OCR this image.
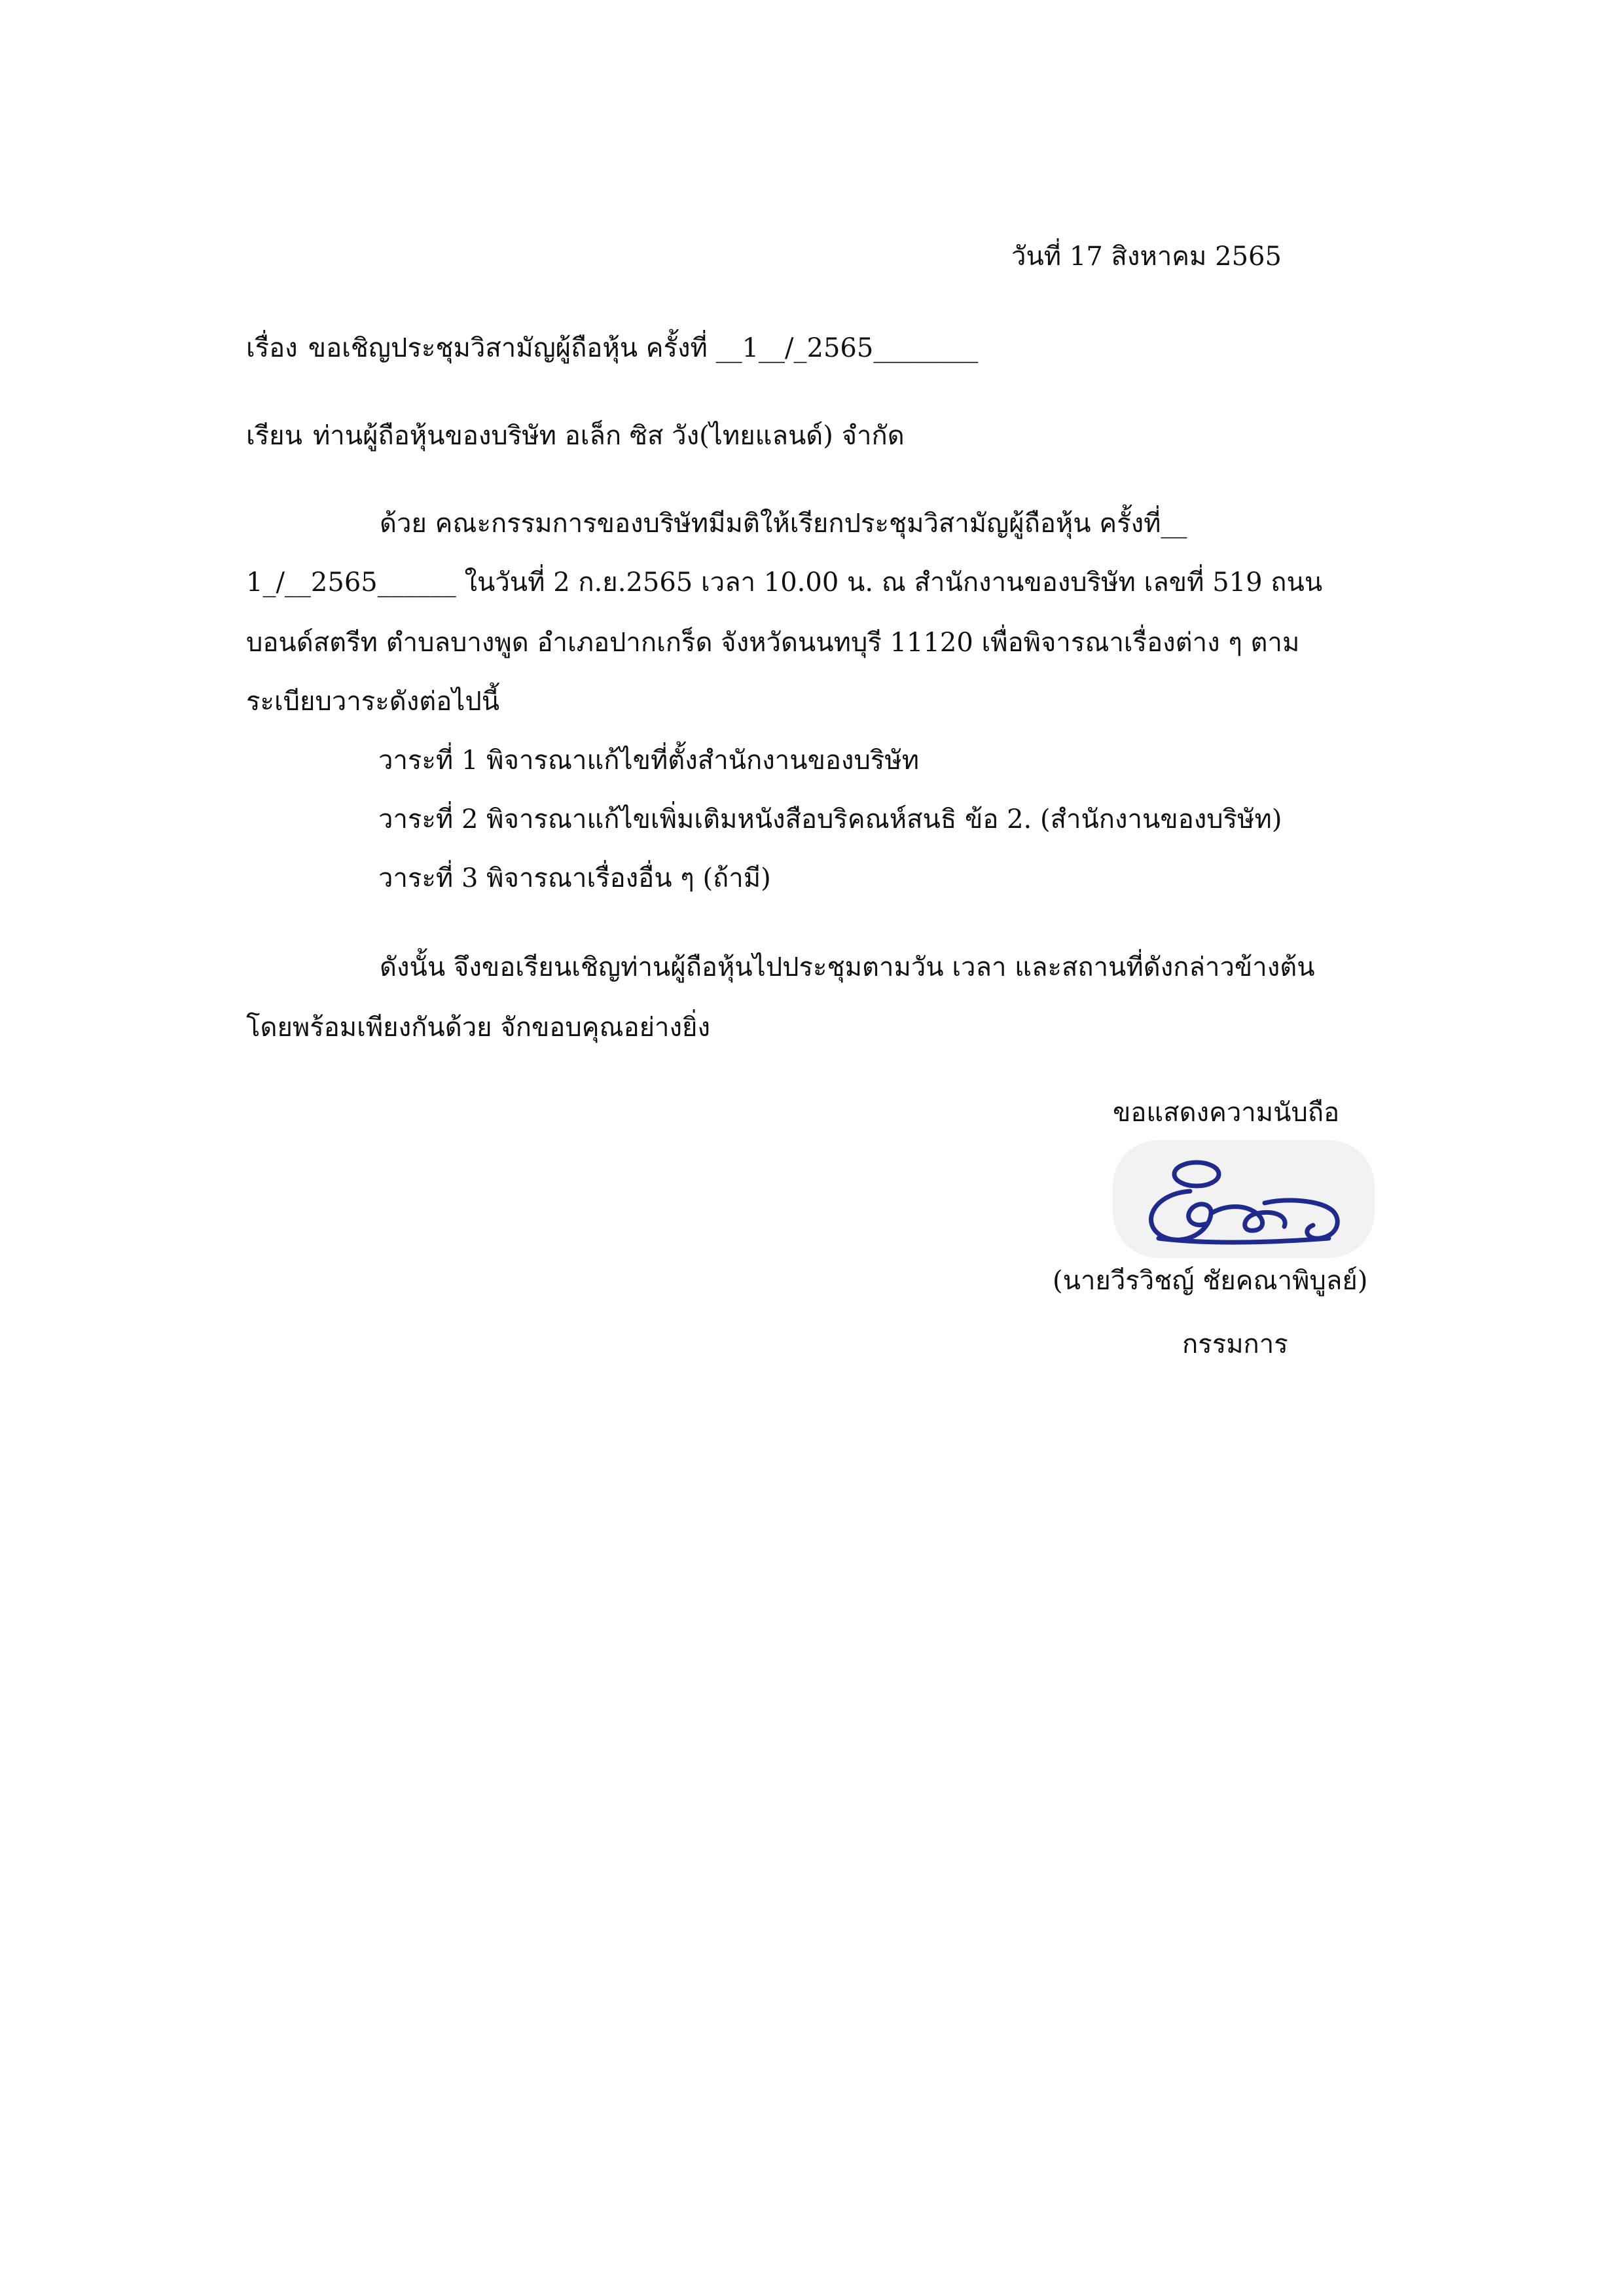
วันที่ 17 สิงหาคม 2565
เรื่อง ขอเชิญประชุมวิสามัญผู้ถือหุ้น ครั้งที่ __1__/_2565________
เรียน ท่านผู้ถือหุ้นของบริษัท อเล็ก ซิส วัง(ไทยแลนด์) จำกัด
ด้วย คณะกรรมการของบริษัทมีมติให้เรียกประชุมวิสามัญผู้ถือหุ้น ครั้งที่__
1_/__2565______ ในวันที่ 2 ก.ย.2565 เวลา 10.00 น. ณ สำนักงานของบริษัท เลขที่ 519 ถนน
บอนด์สตรีท ตำบลบางพูด อำเภอปากเกร็ด จังหวัดนนทบุรี 11120 เพื่อพิจารณาเรื่องต่าง ๆ ตาม
ระเบียบวาระดังต่อไปนี้
วาระที่ 1 พิจารณาแก้ไขที่ตั้งสำนักงานของบริษัท
วาระที่ 2 พิจารณาแก้ไขเพิ่มเติมหนังสือบริคณห์สนธิ ข้อ 2. (สำนักงานของบริษัท)
วาระที่ 3 พิจารณาเรื่องอื่น ๆ (ถ้ามี)
ดังนั้น จึงขอเรียนเชิญท่านผู้ถือหุ้นไปประชุมตามวัน เวลา และสถานที่ดังกล่าวข้างต้น
โดยพร้อมเพียงกันด้วย จักขอบคุณอย่างยิ่ง
ขอแสดงความนับถือ
(นายวีรวิชญ์ ชัยคณาพิบูลย์)
กรรมการ
